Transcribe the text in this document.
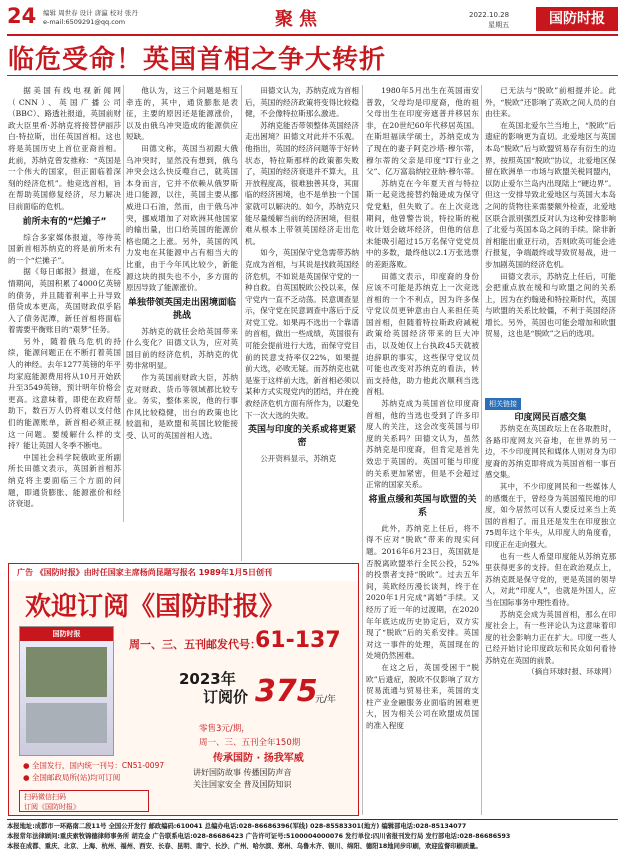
24 编辑 周世春 设计 唐瀛 校对 张丹
e-mail:6509291@qq.com	聚焦	2022.10.28
星期五	国防时报
临危受命！英国首相之争大转折

据美国有线电视新闻网（CNN）、英国广播公司（BBC）、路透社报道，英国前财政大臣里希·苏纳克将接替伊丽莎白·特拉斯，出任英国首相。这也将是英国历史上首位亚裔首相。此前，苏纳克曾发推称：“英国是一个伟大的国家，但正面临着深刻的经济危机”。他竞选首相，旨在帮助英国修复经济，尽力解决目前面临的危机。

前所未有的“烂摊子”

综合多家媒体报道，等待英国新首相苏纳克的将是前所未有的一个“烂摊子”。

据《每日邮报》报道，在疫情期间，英国积累了4000亿英镑的债务，并且随着利率上升导致借贷成本更高，英国财政似乎陷入了债务泥潭，新任首相将面临着需要平衡账目的“艰梦”任务。

另外，随着俄乌危机的持续，能源问题正在不断打着英国人的神经。去年1277英镑的年平均家庭能源费用将从10月开始跃升至3549英镑，预计明年价格会更高。这意味着，即使在政府帮助下，数百万人仍将难以支付他们的能源账单，新首相必须正视这一问题。要缓解什么样的支持？能让英国人冬季不断电。

中国社会科学院俄欧亚所副所长田德文表示，英国新首相苏纳克将主要面临三个方面的问题，即通货膨胀、能源涨价和经济衰退。

他认为，这三个问题是相互牵连的，其中，通货膨胀是表征，主要的原因还是能源涨价，以及由俄乌冲突造成的能源供应短缺。

田德文称，英国当初跟大俄乌冲突时，显然没有想到，俄乌冲突会这么快反噬自己，就英国本身而言，它并不依赖从俄罗斯进口能源，以往，英国主要从挪威进口石油，然而，由于俄乌冲突，挪威增加了对欧洲其他国家的输出量，出口给英国的能源价格也随之上涨。另外，英国的风力发电在其能源中占有相当大的比重，由于今年风比较少，新能源这块的损失也不小，多方面的原因导致了能源涨价。

单独带领英国走出困境面临挑战

苏纳克的就任会给英国带来什么变化？田德文认为，应对英国目前的经济危机，苏纳克的优势非常明显。

作为英国前财政大臣，苏纳克对财政、货币等领域都比较专业。务实，整体来说，他的行事作风比较稳健，出台的政策也比较温和，是欧盟和英国比较能接受、认可的英国首相人选。

田德文认为，苏纳克成为首相后，英国的经济政策将变得比较稳健，不会像特拉斯那么激进。

苏纳克能否带领整体英国经济走出困境？田德文对此并不乐观。他指出，英国的经济问题等于好转状态，特拉斯那样的政策都失败了，英国的经济衰退并不算大，且开放程度高，很难独善其身，其面临的经济困境，也不是单独一个国家就可以解决的。如今，苏纳克只能尽量缓解当前的经济困境，但很难从根本上带领英国经济走出危机。

如今，英国保守党急需带苏纳克成为首相，与其说是找救英国经济危机，不如说是英国保守党的一种自救。自英国脱欧公投以来，保守党内一直不乏动荡。民意调查显示，保守党在民意调查中落后于反对党工党。如果再不选出一个靠谱的首相，做出一些成绩，英国很有可能会提前进行大选，而保守党目前的民意支持率仅22%，如果提前大选，必败无疑。而苏纳克也就是鉴于这样前大选，新首相必须以某种方式实现党内的团结，并在挽救经济危机方面有所作为，以避免下一次大选的失败。

英国与印度的关系或将更紧密

公开资料显示，苏纳克

1980年5月出生在英国南安普敦，父母均是印度裔，他的祖父母出生在印度旁遮普并移居东非，在20世纪60年代移居英国。在斯坦福读学硕士，苏纳克成为了现在的妻子阿克沙塔·穆尔蒂，穆尔蒂的父亲是印度“IT行业之父”、亿万富翁纳拉亚纳·穆尔蒂。

苏纳克在今年夏天首与特拉斯一起竞选接替约翰逊成为保守党党魁，但失败了。在上次竞选期间，他曾警告说，特拉斯的税收计划会破坏经济，但他的信息未能吸引超过15万名保守党党员中的多数，最终他以2.1万张选票的差距落败。

田德文表示，印度裔的身份应该不可能是苏纳克上一次竞选首相的一个不利点，因为许多保守党议员更钟意由白人来担任英国首相，但随着特拉斯政府减税政策给英国经济带来的巨大冲击，以及她仅上台执政45天就被迫辞职的事实，这些保守党议员可能也改变对苏纳克的看法，转而支持他，助力他此次顺利当选首相。

苏纳克成为英国首位印度裔首相，他的当选也受到了许多印度人的关注，这会改变英国与印度的关系吗？田德文认为，虽然苏纳克是印度裔，但肯定是首先效忠于英国的。英国可能与印度的关系更加紧密，但是不会超过正常的国家关系。

将重点缓和英国与欧盟的关系

此外，苏纳克上任后，将不得不应对“脱欧”带来的现实问题。2016年6月23日，英国就是否脱离欧盟举行全民公投，52%的投票者支持“脱欧”。过去五年间，英欧经历漫长谈判，终于在2020年1月完成“离婚”手续。又经历了近一年的过渡期，在2020年年底达成历史协定后，双方实现了“脱欧”后的关系安排。英国对这一事件的处理，英国现在的处境仍然困难。

在这之后，英国受困于“脱欧”后遗症，脱欧不仅影响了双方贸易流通与贸易往来，英国的支柱产业金融服务业面临的困难更大，因为相关公司在欧盟成员国的准入程度

已无法与“脱欧”前相提并论。此外，“脱欧”还影响了英欧之间人员的自由往来。

在英国北爱尔兰当地上，“脱欧”后遗症的影响更为直切。北爱地区与英国本岛“脱欧”后与欧盟贸易存有衍生的边界，按照英国“脱欧”协议，北爱地区保留在欧洲单一市场与欧盟关税同盟内，以防止爱尔兰岛内出现陆上“硬边界”。但这一安排导致北爱地区与英国大本岛之间的货物往来需要额外检查，北爱地区联合派别强烈反对认为这种安排影响了北爱与英国本岛之间的手续。除非新首相能出重亚行动，否则欧英可能会进行报复，争端最终或导致贸易战，进一步加剧英国的经济危机。

田德文表示，苏纳克上任后，可能会把重点放在缓和与欧盟之间的关系上，因为在约翰逊和特拉斯时代，英国与欧盟的关系比较僵，不利于英国经济增长。另外，英国也可能会增加和欧盟贸易，这也是“脱欧”之后的选项。

相关链接
印度网民百感交集

苏纳克在英国政坛上在各取胜时，各路印度网友兴奋地，在世界的另一边，不少印度网民和媒体人则对身为印度裔的苏纳克即将成为英国首相一事百感交集。

其中，不少印度网民和一些媒体人的感慨在于，曾经身为英国殖民地的印度，如今居然可以有人要反过来当上英国的首相了。而且还是发生在印度独立75周年这个年头，从印度人的角度看，印度正在走向强大。

也有一些人希望印度能从苏纳克那里获得更多的支持。但在政治观点上，苏纳克既是保守党的，更是英国的领导人，对此“印度人”，也就是外国人，应当在国际事务中理性看待。

苏纳克会成为英国首相，那么在印度社会上，有一些评论认为这意味着印度的社会影响力正在扩大。印度一些人已经开始讨论印度政坛和民众如何看待苏纳克在英国的前景。

（摘自环球时报、环球网）
广告 《国防时报》由时任国家主席杨尚昆题写报名 1989年1月5日创刊
欢迎订阅《国防时报》
国防时报
周一、三、五刊邮发代号：
61-137
2023年
订阅价 375
元/年
零售3元/期，
周一、三、五刊全年150期
● 全国发行，国内统一刊号：CN51-0097
● 全国邮政局所(站)均可订阅
扫码微信扫码
订阅《国防时报》
传承国防 · 扬我军威
讲好国防故事 传播国防声音
关注国家安全 普及国防知识
本报地址:成都市一环路南二段11号 全国公开发行 邮政编码:610041 总编办电话:028-86686396(军线) 028-85583301(地方) 编辑部电话:028-85134077
本报常年法律顾问:重庆索牧锦德律师事务所 胡克金 广告联系电话:028-86686423 广告许可证号:5100004000076 发行单位:四川省报刊发行局 发行部电话:028-86686593
本报在成都、重庆、北京、上海、杭州、福州、西安、长春、昆明、南宁、长沙、广州、哈尔滨、郑州、乌鲁木齐、银川、绵阳、德阳18地同步印刷，欢迎监督印刷质量。
